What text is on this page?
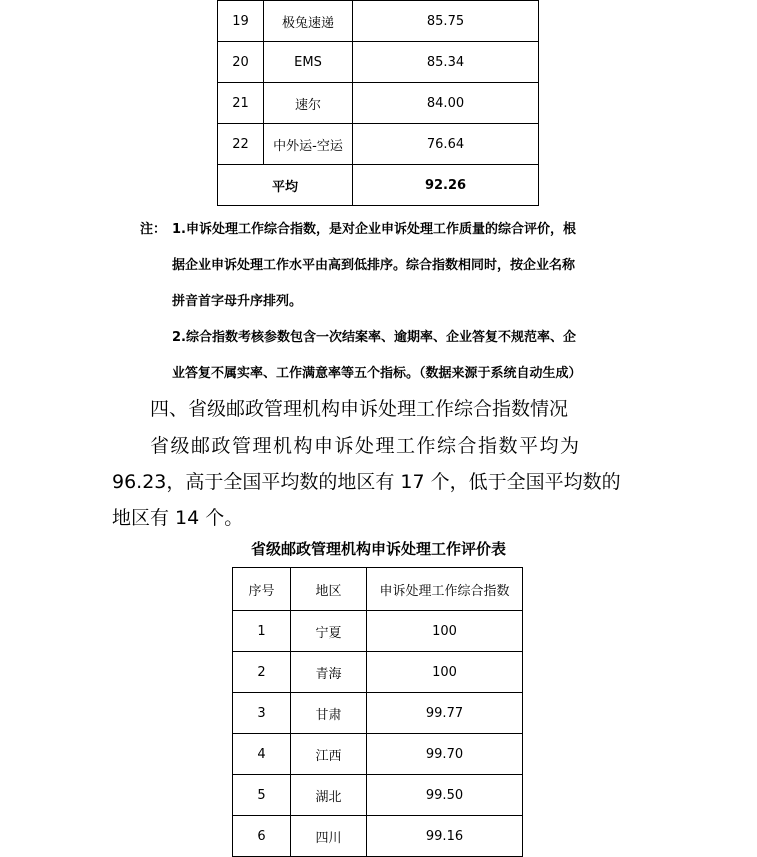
19	极兔速递	85.75
20	EMS	85.34
21	速尔	84.00
22	中外运-空运	76.64
平均		92.26
注： 1.申诉处理工作综合指数，是对企业申诉处理工作质量的综合评价，根
据企业申诉处理工作水平由高到低排序。综合指数相同时，按企业名称
拼音首字母升序排列。
2.综合指数考核参数包含一次结案率、逾期率、企业答复不规范率、企
业答复不属实率、工作满意率等五个指标。（数据来源于系统自动生成）
四、省级邮政管理机构申诉处理工作综合指数情况
省级邮政管理机构申诉处理工作综合指数平均为
96.23，高于全国平均数的地区有 17 个，低于全国平均数的
地区有 14 个。
省级邮政管理机构申诉处理工作评价表
序号	地区	申诉处理工作综合指数
1	宁夏	100
2	青海	100
3	甘肃	99.77
4	江西	99.70
5	湖北	99.50
6	四川	99.16
